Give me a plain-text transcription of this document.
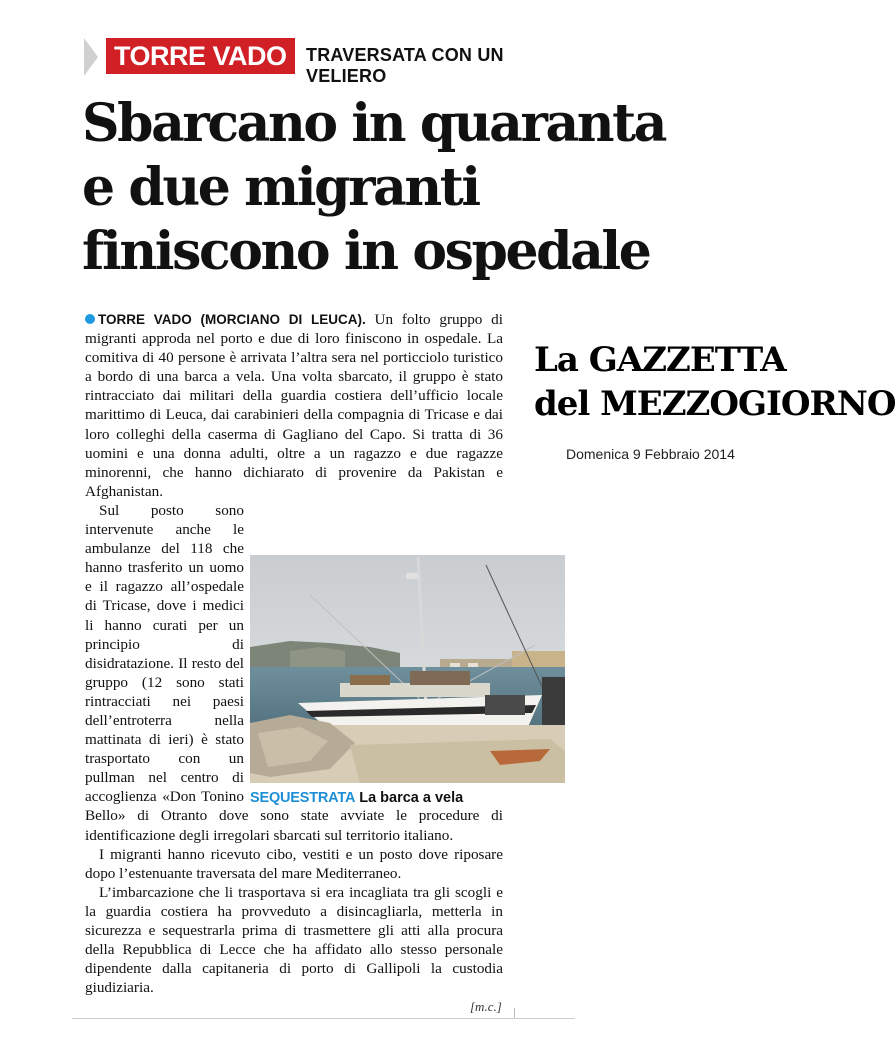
TORRE VADO	TRAVERSATA CON UN VELIERO
Sbarcano in quaranta
e due migranti
finiscono in ospedale
La GAZZETTA
del MEZZOGIORNO
Domenica 9 Febbraio 2014

TORRE VADO (MORCIANO DI LEUCA). Un folto gruppo di migranti approda nel porto e due di loro finiscono in ospedale. La comitiva di 40 persone è arrivata l’altra sera nel porticciolo turistico a bordo di una barca a vela. Una volta sbarcato, il gruppo è stato rintracciato dai militari della guardia costiera dell’ufficio locale marittimo di Leuca, dai carabinieri della compagnia di Tricase e dai loro colleghi della caserma di Gagliano del Capo. Si tratta di 36 uomini e una donna adulti, oltre a un ragazzo e due ragazze minorenni, che hanno dichiarato di provenire da Pakistan e Afghanistan.

Sul posto sono intervenute anche le ambulanze del 118 che hanno trasferito un uomo e il ragazzo all’ospedale di Tricase, dove i medici li hanno curati per un principio di disidratazione. Il resto del gruppo (12 sono stati rintracciati nei paesi dell’entroterra nella mattinata di ieri) è stato trasportato con un pullman nel centro di accoglienza «Don Tonino Bello» di Otranto dove sono state avviate le procedure di identificazione degli irregolari sbarcati sul territorio italiano.

I migranti hanno ricevuto cibo, vestiti e un posto dove riposare dopo l’estenuante traversata del mare Mediterraneo.

L’imbarcazione che li trasportava si era incagliata tra gli scogli e la guardia costiera ha provveduto a disincagliarla, metterla in sicurezza e sequestrarla prima di trasmettere gli atti alla procura della Repubblica di Lecce che ha affidato allo stesso personale dipendente dalla capitaneria di porto di Gallipoli la custodia giudiziaria.

SEQUESTRATA La barca a vela
[m.c.]
